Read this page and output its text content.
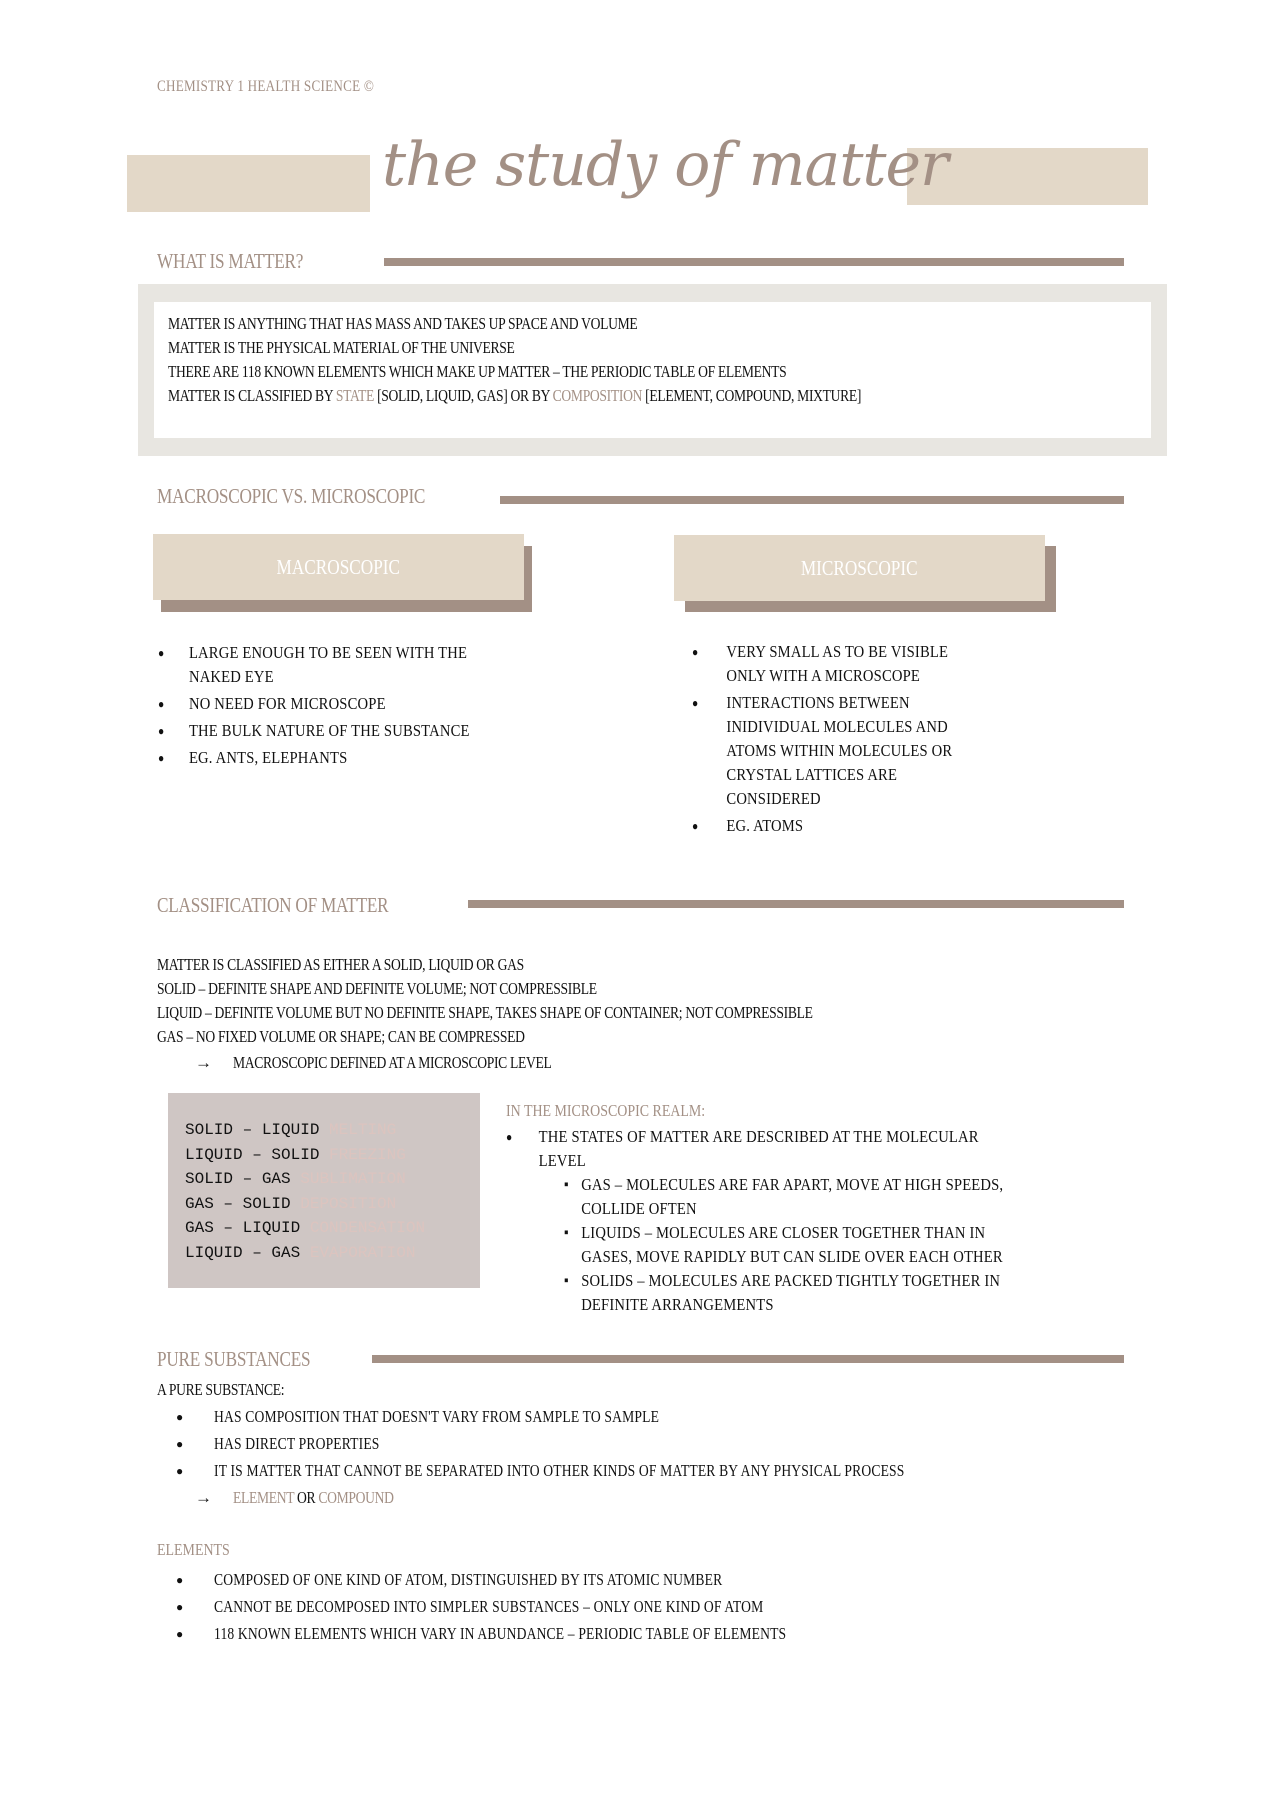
CHEMISTRY 1 HEALTH SCIENCE ©
the study of matter
WHAT IS MATTER?
MATTER IS ANYTHING THAT HAS MASS AND TAKES UP SPACE AND VOLUME
MATTER IS THE PHYSICAL MATERIAL OF THE UNIVERSE
THERE ARE 118 KNOWN ELEMENTS WHICH MAKE UP MATTER – THE PERIODIC TABLE OF ELEMENTS
MATTER IS CLASSIFIED BY STATE [SOLID, LIQUID, GAS] OR BY COMPOSITION [ELEMENT, COMPOUND, MIXTURE]
MACROSCOPIC VS. MICROSCOPIC
MACROSCOPIC	MICROSCOPIC
● LARGE ENOUGH TO BE SEEN WITH THE
NAKED EYE
● NO NEED FOR MICROSCOPE
● THE BULK NATURE OF THE SUBSTANCE
● EG. ANTS, ELEPHANTS
● VERY SMALL AS TO BE VISIBLE
ONLY WITH A MICROSCOPE
● INTERACTIONS BETWEEN
INIDIVIDUAL MOLECULES AND
ATOMS WITHIN MOLECULES OR
CRYSTAL LATTICES ARE
CONSIDERED
● EG. ATOMS
CLASSIFICATION OF MATTER
MATTER IS CLASSIFIED AS EITHER A SOLID, LIQUID OR GAS
SOLID – DEFINITE SHAPE AND DEFINITE VOLUME; NOT COMPRESSIBLE
LIQUID – DEFINITE VOLUME BUT NO DEFINITE SHAPE, TAKES SHAPE OF CONTAINER; NOT COMPRESSIBLE
GAS – NO FIXED VOLUME OR SHAPE; CAN BE COMPRESSED
→ MACROSCOPIC DEFINED AT A MICROSCOPIC LEVEL
SOLID – LIQUID MELTING
LIQUID – SOLID FREEZING
SOLID – GAS SUBLIMATION
GAS – SOLID DEPOSITION
GAS – LIQUID CONDENSATION
LIQUID – GAS EVAPORATION
IN THE MICROSCOPIC REALM:
● THE STATES OF MATTER ARE DESCRIBED AT THE MOLECULAR
LEVEL
▪ GAS – MOLECULES ARE FAR APART, MOVE AT HIGH SPEEDS,
COLLIDE OFTEN
▪ LIQUIDS – MOLECULES ARE CLOSER TOGETHER THAN IN
GASES, MOVE RAPIDLY BUT CAN SLIDE OVER EACH OTHER
▪ SOLIDS – MOLECULES ARE PACKED TIGHTLY TOGETHER IN
DEFINITE ARRANGEMENTS
PURE SUBSTANCES
A PURE SUBSTANCE:
● HAS COMPOSITION THAT DOESN'T VARY FROM SAMPLE TO SAMPLE
● HAS DIRECT PROPERTIES
● IT IS MATTER THAT CANNOT BE SEPARATED INTO OTHER KINDS OF MATTER BY ANY PHYSICAL PROCESS
→ ELEMENT OR COMPOUND
ELEMENTS
● COMPOSED OF ONE KIND OF ATOM, DISTINGUISHED BY ITS ATOMIC NUMBER
● CANNOT BE DECOMPOSED INTO SIMPLER SUBSTANCES – ONLY ONE KIND OF ATOM
● 118 KNOWN ELEMENTS WHICH VARY IN ABUNDANCE – PERIODIC TABLE OF ELEMENTS
